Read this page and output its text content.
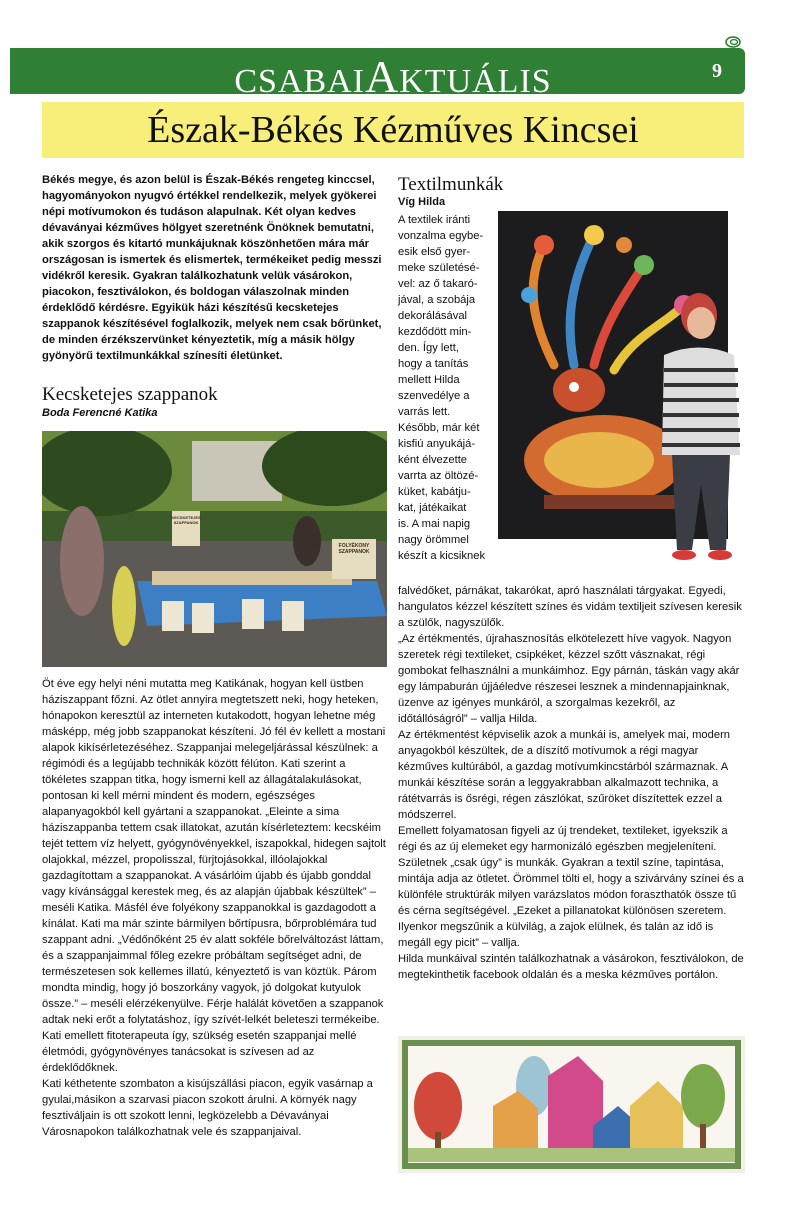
CSABAIAKTUÁLIS	9
Észak-Békés Kézműves Kincsei
Békés megye, és azon belül is Észak-Békés rengeteg kinccsel, hagyományokon nyugvó értékkel rendelkezik, melyek gyökerei népi motívumokon és tudáson alapulnak. Két olyan kedves dévaványai kézműves hölgyet szeretnénk Önöknek bemutatni, akik szorgos és kitartó munkájuknak köszönhetően mára már országosan is ismertek és elismertek, termékeiket pedig messzi vidékről keresik. Gyakran találkozhatunk velük vásárokon, piacokon, fesztiválokon, és boldogan válaszolnak minden érdeklődő kérdésre. Egyikük házi készítésű kecsketejes szappanok készítésével foglalkozik, melyek nem csak bőrünket, de minden érzékszervünket kényeztetik, míg a másik hölgy gyönyörű textilmunkákkal színesíti életünket.
Kecsketejes szappanok
Boda Ferencné Katika
FOLYÉKONY SZAPPANOK
KECSKETEJES SZAPPANOK

Öt éve egy helyi néni mutatta meg Katikának, hogyan kell üstben háziszappant főzni. Az ötlet annyira megtetszett neki, hogy heteken, hónapokon keresztül az interneten kutakodott, hogyan lehetne még másképp, még jobb szappanokat készíteni. Jó fél év kellett a mostani alapok kikísérletezéséhez. Szappanjai melegeljárással készülnek: a régimódi és a legújabb technikák között félúton. Kati szerint a tökéletes szappan titka, hogy ismerni kell az állagátalakulásokat, pontosan ki kell mérni mindent és modern, egészséges alapanyagokból kell gyártani a szappanokat. „Eleinte a sima háziszappanba tettem csak illatokat, azután kísérleteztem: kecskéim tejét tettem víz helyett, gyógynövényekkel, iszapokkal, hidegen sajtolt olajokkal, mézzel, propolisszal, fürjtojásokkal, illóolajokkal gazdagítottam a szappanokat. A vásárlóim újabb és újabb gonddal vagy kívánsággal kerestek meg, és az alapján újabbak készültek” – meséli Katika. Másfél éve folyékony szappanokkal is gazdagodott a kínálat. Kati ma már szinte bármilyen bőrtípusra, bőrproblémára tud szappant adni. „Védőnőként 25 év alatt sokféle bőrelváltozást láttam, és a szappanjaimmal főleg ezekre próbáltam segítséget adni, de természetesen sok kellemes illatú, kényeztető is van köztük. Párom mondta mindig, hogy jó boszorkány vagyok, jó dolgokat kutyulok össze.” – meséli elérzékenyülve. Férje halálát követően a szappanok adtak neki erőt a folytatáshoz, így szívét-lelkét beleteszi termékeibe. Kati emellett fitoterapeuta így, szükség esetén szappanjai mellé életmódi, gyógynövényes tanácsokat is szívesen ad az érdeklődőknek.

Kati kéthetente szombaton a kisújszállási piacon, egyik vasárnap a gyulai,másikon a szarvasi piacon szokott árulni. A környék nagy fesztiváljain is ott szokott lenni, legközelebb a Dévaványai Városnapokon találkozhatnak vele és szappanjaival.

Textilmunkák
Víg Hilda
A textilek iránti
vonzalma egybe-
esik első gyer-
meke születésé-
vel: az ő takaró-
jával, a szobája
dekorálásával
kezdődött min-
den. Így lett,
hogy a tanítás
mellett Hilda
szenvedélye a
varrás lett.
Később, már két
kisfiú anyukájá-
ként élvezette
varrta az öltözé-
küket, kabátju-
kat, játékaikat
is. A mai napig
nagy örömmel
készít a kicsiknek

falvédőket, párnákat, takarókat, apró használati tárgyakat. Egyedi, hangulatos kézzel készített színes és vidám textiljeit szívesen keresik a szülők, nagyszülők.

„Az értékmentés, újrahasznosítás elkötelezett híve vagyok. Nagyon szeretek régi textileket, csipkéket, kézzel szőtt vásznakat, régi gombokat felhasználni a munkáimhoz. Egy párnán, táskán vagy akár egy lámpaburán újjáéledve részesei lesznek a mindennapjainknak, üzenve az igényes munkáról, a szorgalmas kezekről, az időtállóságról” – vallja Hilda.

Az értékmentést képviselik azok a munkái is, amelyek mai, modern anyagokból készültek, de a díszítő motívumok a régi magyar kézműves kultúrából, a gazdag motívumkincstárból származnak. A munkái készítése során a leggyakrabban alkalmazott technika, a rátétvarrás is ősrégi, régen zászlókat, szűröket díszítettek ezzel a módszerrel.

Emellett folyamatosan figyeli az új trendeket, textileket, igyekszik a régi és az új elemeket egy harmonizáló egészben megjeleníteni.

Születnek „csak úgy” is munkák. Gyakran a textil színe, tapintása, mintája adja az ötletet. Örömmel tölti el, hogy a szivárvány színei és a különféle struktúrák milyen varázslatos módon foraszthatók össze tű és cérna segítségével. „Ezeket a pillanatokat különösen szeretem. Ilyenkor megszűnik a külvilág, a zajok elülnek, és talán az idő is megáll egy picit” – vallja.

Hilda munkáival szintén találkozhatnak a vásárokon, fesztiválokon, de megtekinthetik facebook oldalán és a meska kézműves portálon.
